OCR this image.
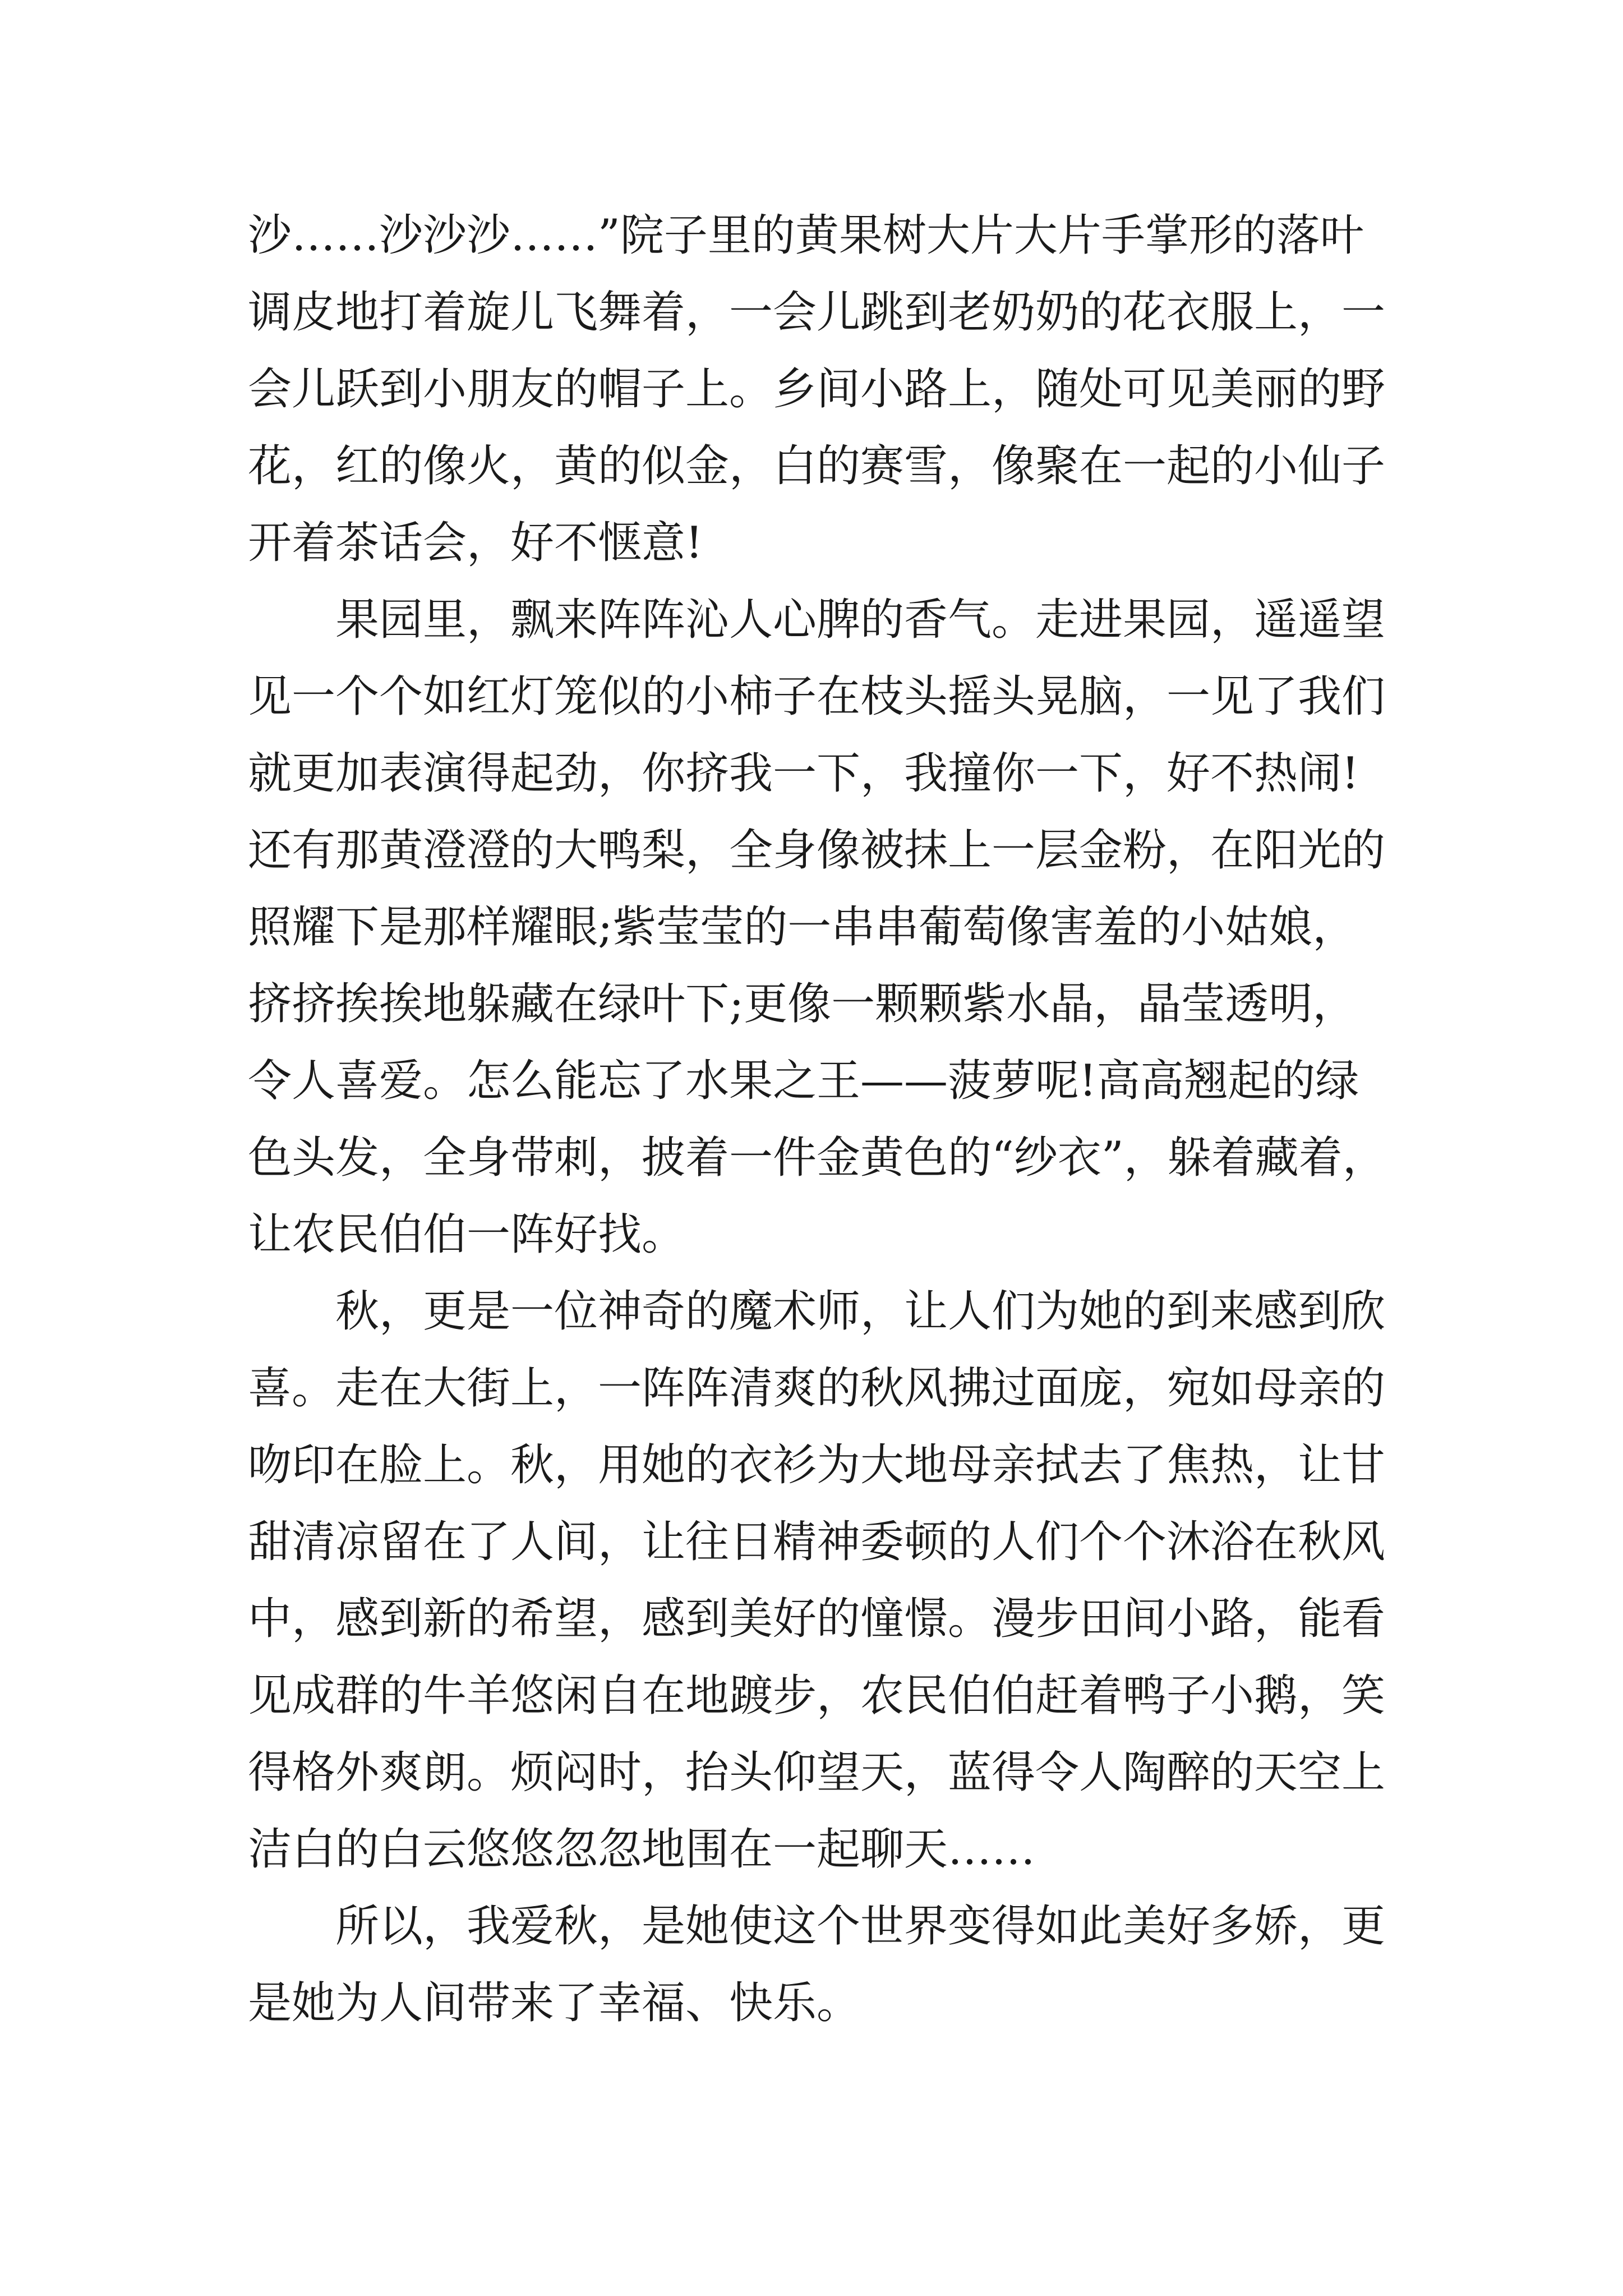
沙……沙沙沙……”院子里的黄果树大片大片手掌形的落叶
调皮地打着旋儿飞舞着，一会儿跳到老奶奶的花衣服上，一
会儿跃到小朋友的帽子上。乡间小路上，随处可见美丽的野
花，红的像火，黄的似金，白的赛雪，像聚在一起的小仙子
开着茶话会，好不惬意!
　　果园里，飘来阵阵沁人心脾的香气。走进果园，遥遥望
见一个个如红灯笼似的小柿子在枝头摇头晃脑，一见了我们
就更加表演得起劲，你挤我一下，我撞你一下，好不热闹!
还有那黄澄澄的大鸭梨，全身像被抹上一层金粉，在阳光的
照耀下是那样耀眼;紫莹莹的一串串葡萄像害羞的小姑娘，
挤挤挨挨地躲藏在绿叶下;更像一颗颗紫水晶，晶莹透明，
令人喜爱。怎么能忘了水果之王——菠萝呢!高高翘起的绿
色头发，全身带刺，披着一件金黄色的“纱衣”，躲着藏着，
让农民伯伯一阵好找。
　　秋，更是一位神奇的魔术师，让人们为她的到来感到欣
喜。走在大街上，一阵阵清爽的秋风拂过面庞，宛如母亲的
吻印在脸上。秋，用她的衣衫为大地母亲拭去了焦热，让甘
甜清凉留在了人间，让往日精神委顿的人们个个沐浴在秋风
中，感到新的希望，感到美好的憧憬。漫步田间小路，能看
见成群的牛羊悠闲自在地踱步，农民伯伯赶着鸭子小鹅，笑
得格外爽朗。烦闷时，抬头仰望天，蓝得令人陶醉的天空上
洁白的白云悠悠忽忽地围在一起聊天……
　　所以，我爱秋，是她使这个世界变得如此美好多娇，更
是她为人间带来了幸福、快乐。
